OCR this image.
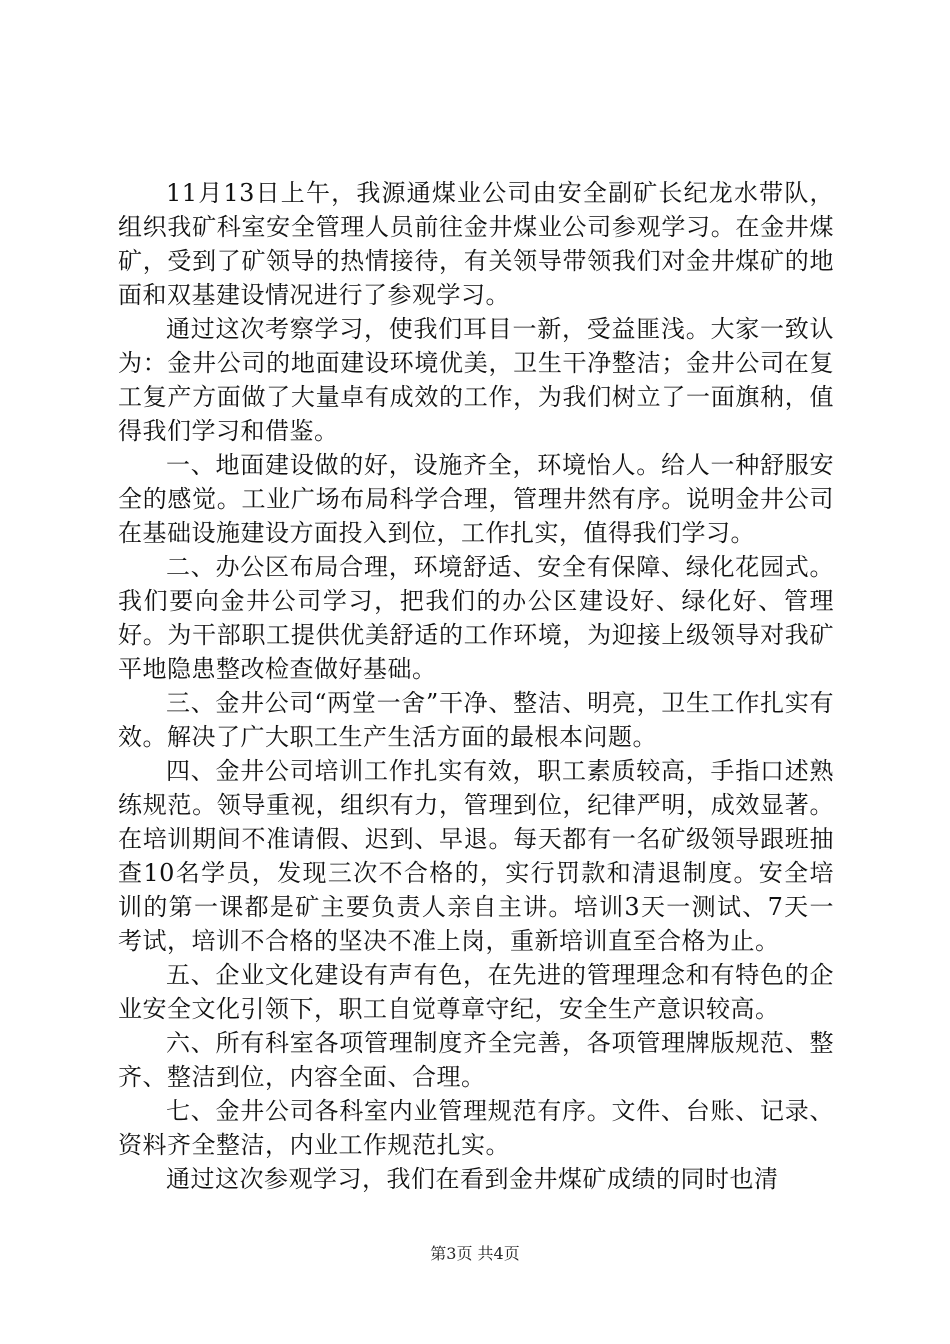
11月13日上午，我源通煤业公司由安全副矿长纪龙水带队，组织我矿科室安全管理人员前往金井煤业公司参观学习。在金井煤矿，受到了矿领导的热情接待，有关领导带领我们对金井煤矿的地面和双基建设情况进行了参观学习。

通过这次考察学习，使我们耳目一新，受益匪浅。大家一致认为：金井公司的地面建设环境优美，卫生干净整洁；金井公司在复工复产方面做了大量卓有成效的工作，为我们树立了一面旗䄲，值得我们学习和借鉴。

一、地面建设做的好，设施齐全，环境怡人。给人一种舒服安全的感觉。工业广场布局科学合理，管理井然有序。说明金井公司在基础设施建设方面投入到位，工作扎实，值得我们学习。

二、办公区布局合理，环境舒适、安全有保障、绿化花园式。我们要向金井公司学习，把我们的办公区建设好、绿化好、管理好。为干部职工提供优美舒适的工作环境，为迎接上级领导对我矿平地隐患整改检查做好基础。

三、金井公司“两堂一舍”干净、整洁、明亮，卫生工作扎实有效。解决了广大职工生产生活方面的最根本问题。

四、金井公司培训工作扎实有效，职工素质较高，手指口述熟练规范。领导重视，组织有力，管理到位，纪律严明，成效显著。在培训期间不准请假、迟到、早退。每天都有一名矿级领导跟班抽查10名学员，发现三次不合格的，实行罚款和清退制度。安全培训的第一课都是矿主要负责人亲自主讲。培训3天一测试、7天一考试，培训不合格的坚决不准上岗，重新培训直至合格为止。

五、企业文化建设有声有色，在先进的管理理念和有特色的企业安全文化引领下，职工自觉尊章守纪，安全生产意识较高。

六、所有科室各项管理制度齐全完善，各项管理牌版规范、整齐、整洁到位，内容全面、合理。

七、金井公司各科室内业管理规范有序。文件、台账、记录、资料齐全整洁，内业工作规范扎实。

通过这次参观学习，我们在看到金井煤矿成绩的同时也清

第3页 共4页
